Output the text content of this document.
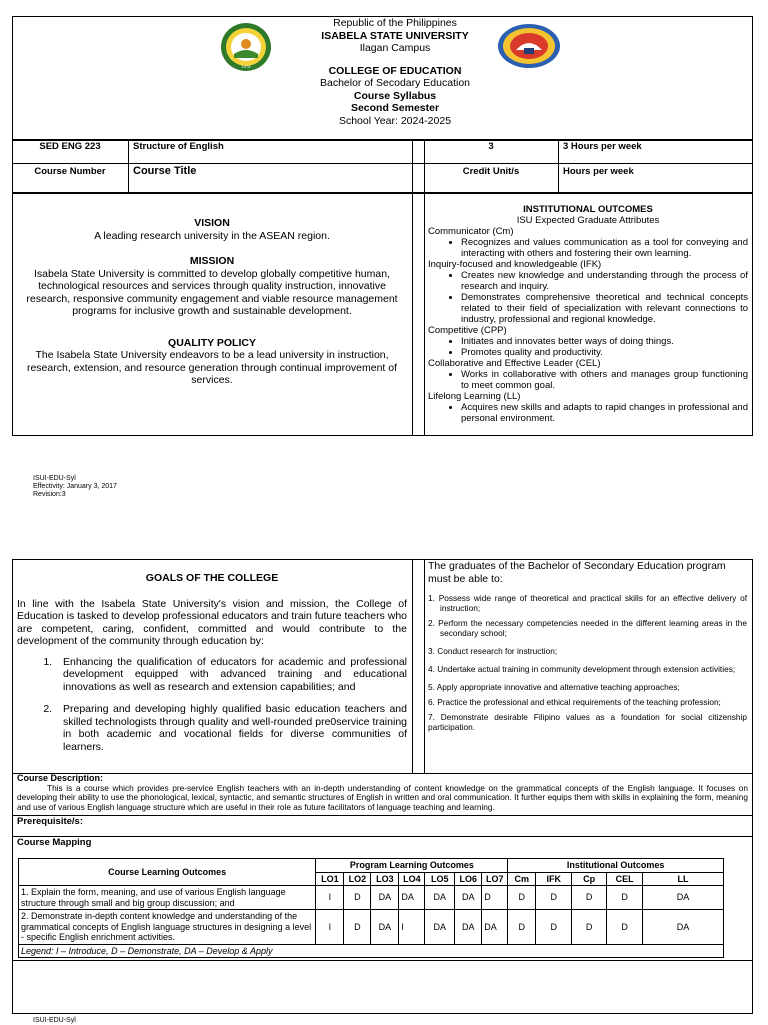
1978
Republic of the Philippines
ISABELA STATE UNIVERSITY
Ilagan Campus
COLLEGE OF EDUCATION
Bachelor of Secodary Education
Course Syllabus
Second Semester
School Year: 2024-2025
SED ENG 223	Structure of English	3	3 Hours per week
Course Number	Course Title	Credit Unit/s	Hours per week
VISION
A leading research university in the ASEAN region.
MISSION
Isabela State University is committed to develop globally competitive human, technological resources and services through quality instruction, innovative research, responsive community engagement and viable resource management programs for inclusive growth and sustainable development.
QUALITY POLICY
The Isabela State University endeavors to be a lead university in instruction, research, extension, and resource generation through continual improvement of services.
INSTITUTIONAL OUTCOMES
ISU Expected Graduate Attributes
Communicator (Cm)
• Recognizes and values communication as a tool for conveying and interacting with others and fostering their own learning.
Inquiry-focused and knowledgeable (IFK)
• Creates new knowledge and understanding through the process of research and inquiry.
• Demonstrates comprehensive theoretical and technical concepts related to their field of specialization with relevant connections to industry, professional and regional knowledge.
Competitive (CPP)
• Initiates and innovates better ways of doing things.
• Promotes quality and productivity.
Collaborative and Effective Leader (CEL)
• Works in collaborative with others and manages group functioning to meet common goal.
Lifelong Learning (LL)
• Acquires new skills and adapts to rapid changes in professional and personal environment.
ISUI-EDU-Syl
Effectivity: January 3, 2017
Revision:3
GOALS OF THE COLLEGE
In line with the Isabela State University's vision and mission, the College of Education is tasked to develop professional educators and train future teachers who are competent, caring, confident, committed and would contribute to the development of the community through education by:
1. Enhancing the qualification of educators for academic and professional development equipped with advanced training and educational innovations as well as research and extension capabilities; and
2. Preparing and developing highly qualified basic education teachers and skilled technologists through quality and well-rounded pre0service training in both academic and vocational fields for diverse communities of learners.
The graduates of the Bachelor of Secondary Education program must be able to:
1. Possess wide range of theoretical and practical skills for an effective delivery of instruction;
2. Perform the necessary competencies needed in the different learning areas in the secondary school;
3. Conduct research for instruction;
4. Undertake actual training in community development through extension activities;
5. Apply appropriate innovative and alternative teaching approaches;
6. Practice the professional and ethical requirements of the teaching profession;
7. Demonstrate desirable Filipino values as a foundation for social citizenship participation.
Course Description:
This is a course which provides pre-service English teachers with an in-depth understanding of content knowledge on the grammatical concepts of the English language. It focuses on developing their ability to use the phonological, lexical, syntactic, and semantic structures of English in written and oral communication. It further equips them with skills in explaining the form, meaning and use of various English language structure which are useful in their role as future facilitators of language teaching and learning.
Prerequisite/s:
Course Mapping
Course Learning Outcomes	Program Learning Outcomes							Institutional Outcomes				
	LO1	LO2	LO3	LO4	LO5	LO6	LO7	Cm	IFK	Cp	CEL	LL
1. Explain the form, meaning, and use of various English language structure through small and big group discussion; and	I	D	DA	DA	DA	DA	D	D	D	D	D	DA
2. Demonstrate in-depth content knowledge and understanding of the grammatical concepts of English language structures in designing a level - specific English enrichment activities.	I	D	DA	I	DA	DA	DA	D	D	D	D	DA
Legend: I – Introduce, D – Demonstrate, DA – Develop & Apply												
ISUI-EDU-Syl
